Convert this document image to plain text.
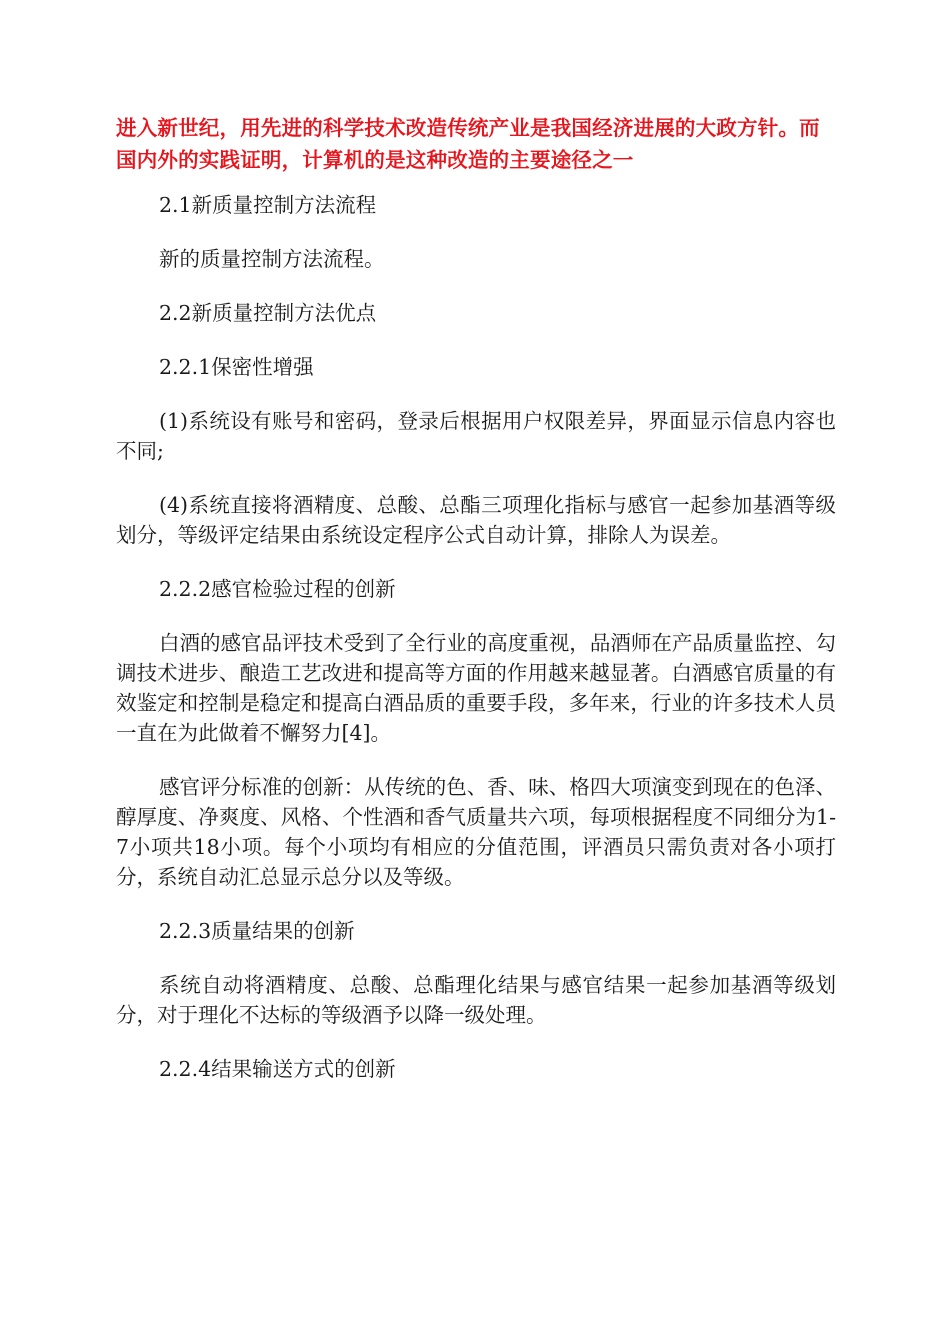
进入新世纪，用先进的科学技术改造传统产业是我国经济进展的大政方针。而国内外的实践证明，计算机的是这种改造的主要途径之一

2.1新质量控制方法流程

新的质量控制方法流程。

2.2新质量控制方法优点

2.2.1保密性增强

(1)系统设有账号和密码，登录后根据用户权限差异，界面显示信息内容也不同;

(4)系统直接将酒精度、总酸、总酯三项理化指标与感官一起参加基酒等级划分，等级评定结果由系统设定程序公式自动计算，排除人为误差。

2.2.2感官检验过程的创新

白酒的感官品评技术受到了全行业的高度重视，品酒师在产品质量监控、勾调技术进步、酿造工艺改进和提高等方面的作用越来越显著。白酒感官质量的有效鉴定和控制是稳定和提高白酒品质的重要手段，多年来，行业的许多技术人员一直在为此做着不懈努力[4]。

感官评分标准的创新：从传统的色、香、味、格四大项演变到现在的色泽、醇厚度、净爽度、风格、个性酒和香气质量共六项，每项根据程度不同细分为1-7小项共18小项。每个小项均有相应的分值范围，评酒员只需负责对各小项打分，系统自动汇总显示总分以及等级。

2.2.3质量结果的创新

系统自动将酒精度、总酸、总酯理化结果与感官结果一起参加基酒等级划分，对于理化不达标的等级酒予以降一级处理。

2.2.4结果输送方式的创新
